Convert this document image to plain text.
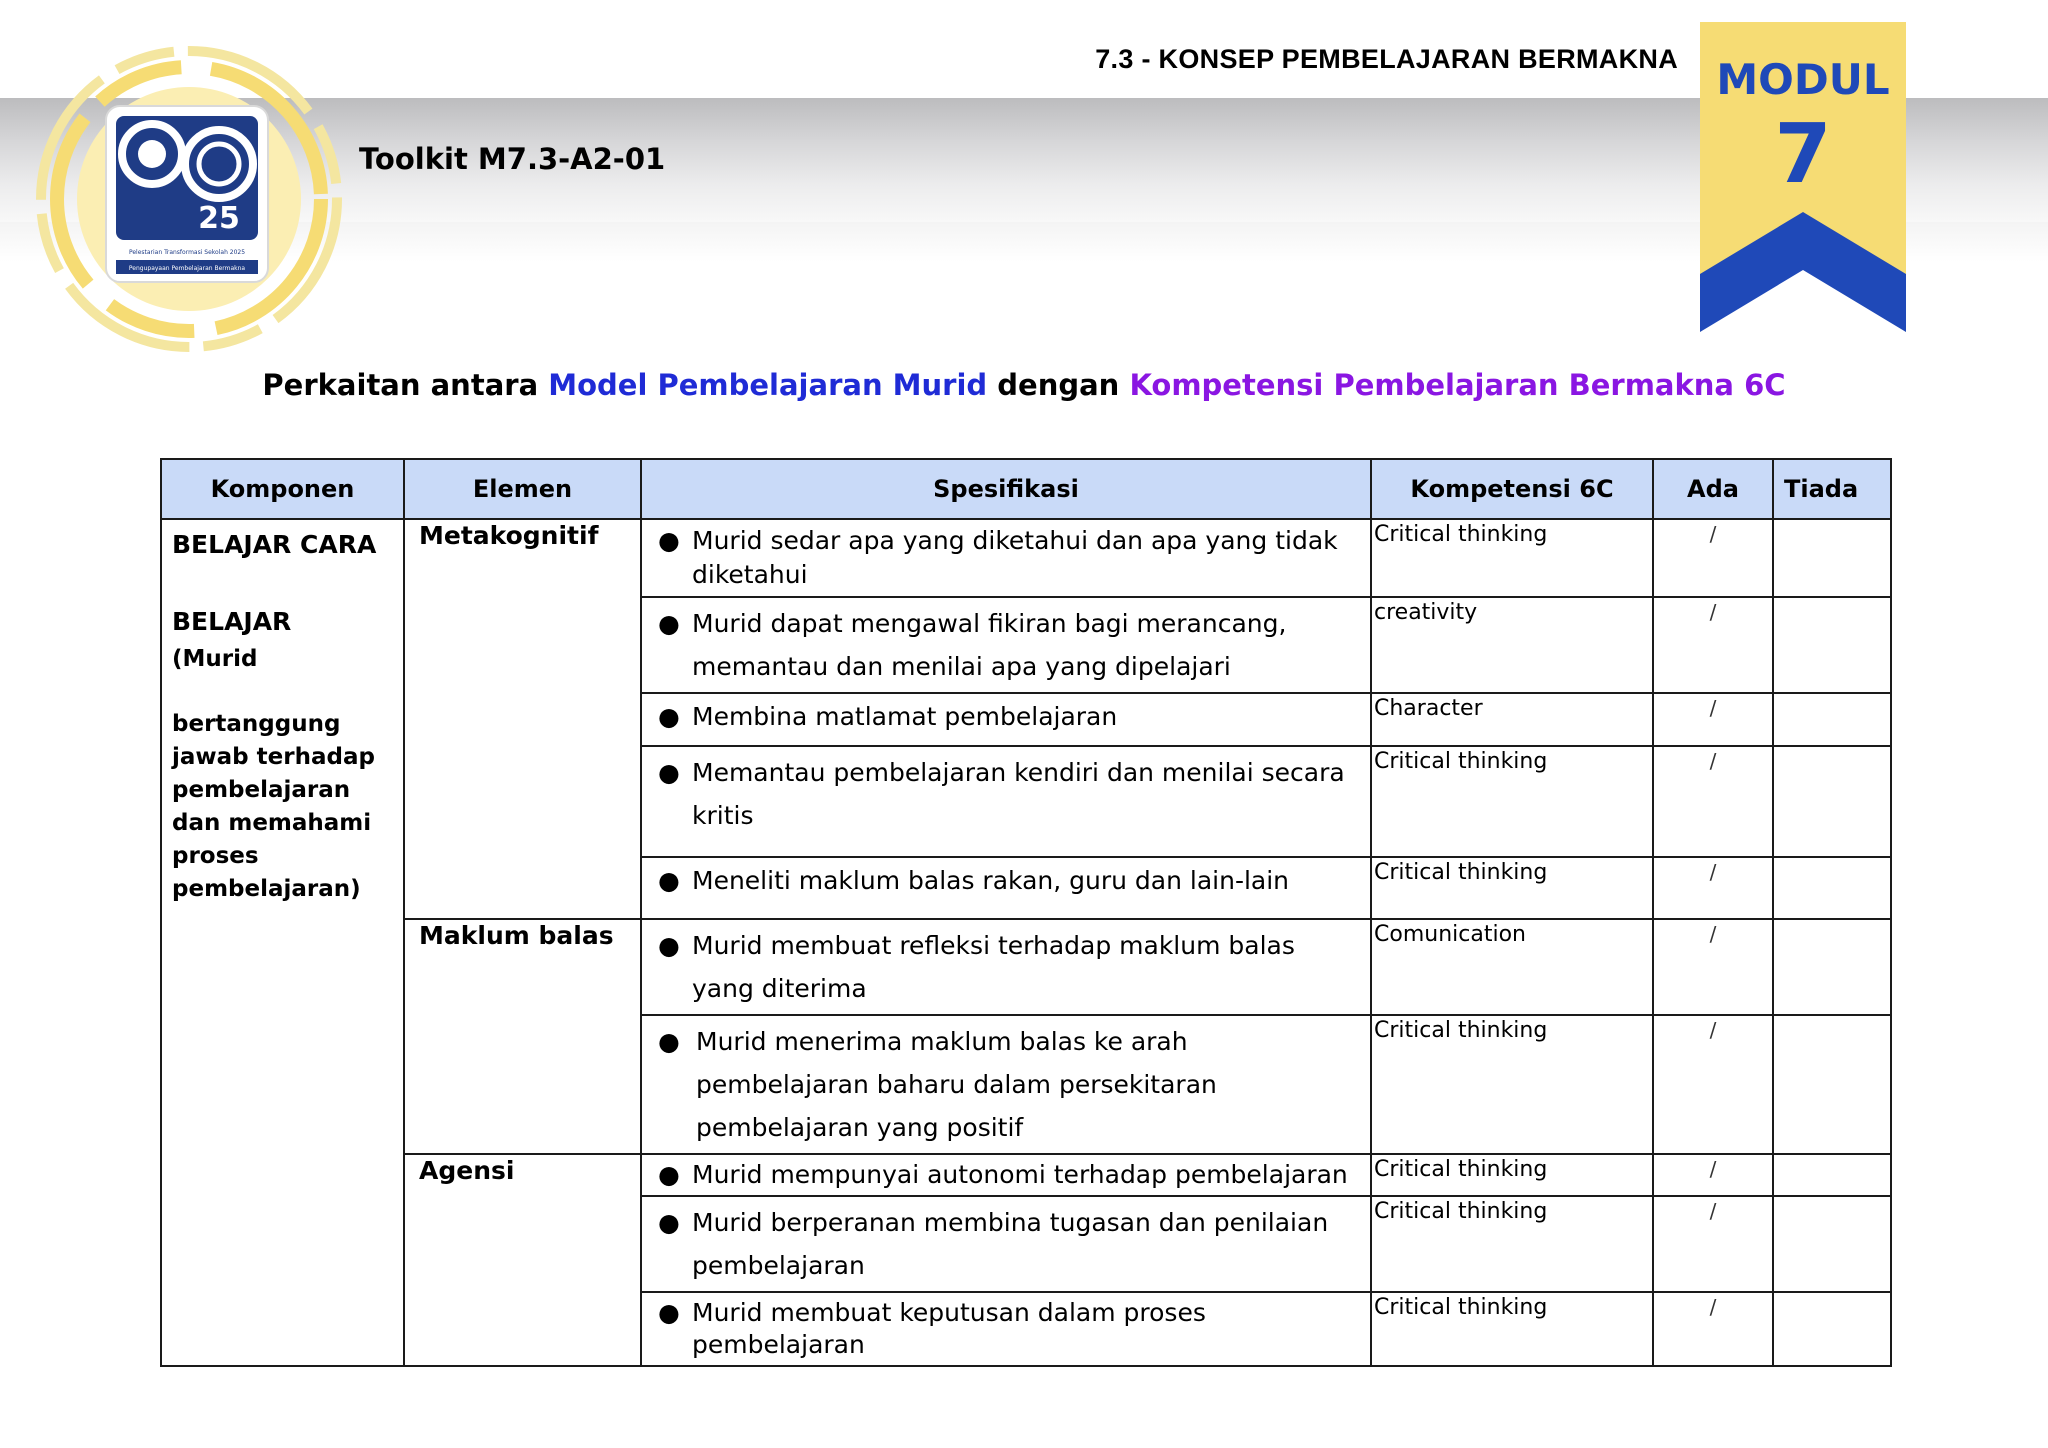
7.3 - KONSEP PEMBELAJARAN BERMAKNA
Toolkit M7.3-A2-01
25
Pelestarian Transformasi Sekolah 2025
Pengupayaan Pembelajaran Bermakna
MODUL
7
Perkaitan antara Model Pembelajaran Murid dengan Kompetensi Pembelajaran Bermakna 6C
Komponen	Elemen	Spesifikasi	Kompetensi 6C	Ada	Tiada

BELAJAR CARA
BELAJAR
(Murid
bertanggung jawab terhadap pembelajaran dan memahami proses pembelajaran)	Metakognitif	● Murid sedar apa yang diketahui dan apa yang tidak diketahui	Critical thinking	/	

		● Murid dapat mengawal fikiran bagi merancang, memantau dan menilai apa yang dipelajari	creativity	/	

		● Membina matlamat pembelajaran	Character	/	

		● Memantau pembelajaran kendiri dan menilai secara kritis	Critical thinking	/	

		● Meneliti maklum balas rakan, guru dan lain-lain	Critical thinking	/	
	Maklum balas	● Murid membuat refleksi terhadap maklum balas yang diterima	Comunication	/	

		● Murid menerima maklum balas ke arah pembelajaran baharu dalam persekitaran pembelajaran yang positif	Critical thinking	/	
	Agensi	● Murid mempunyai autonomi terhadap pembelajaran	Critical thinking	/	

		● Murid berperanan membina tugasan dan penilaian pembelajaran	Critical thinking	/	

		● Murid membuat keputusan dalam proses pembelajaran	Critical thinking	/	
